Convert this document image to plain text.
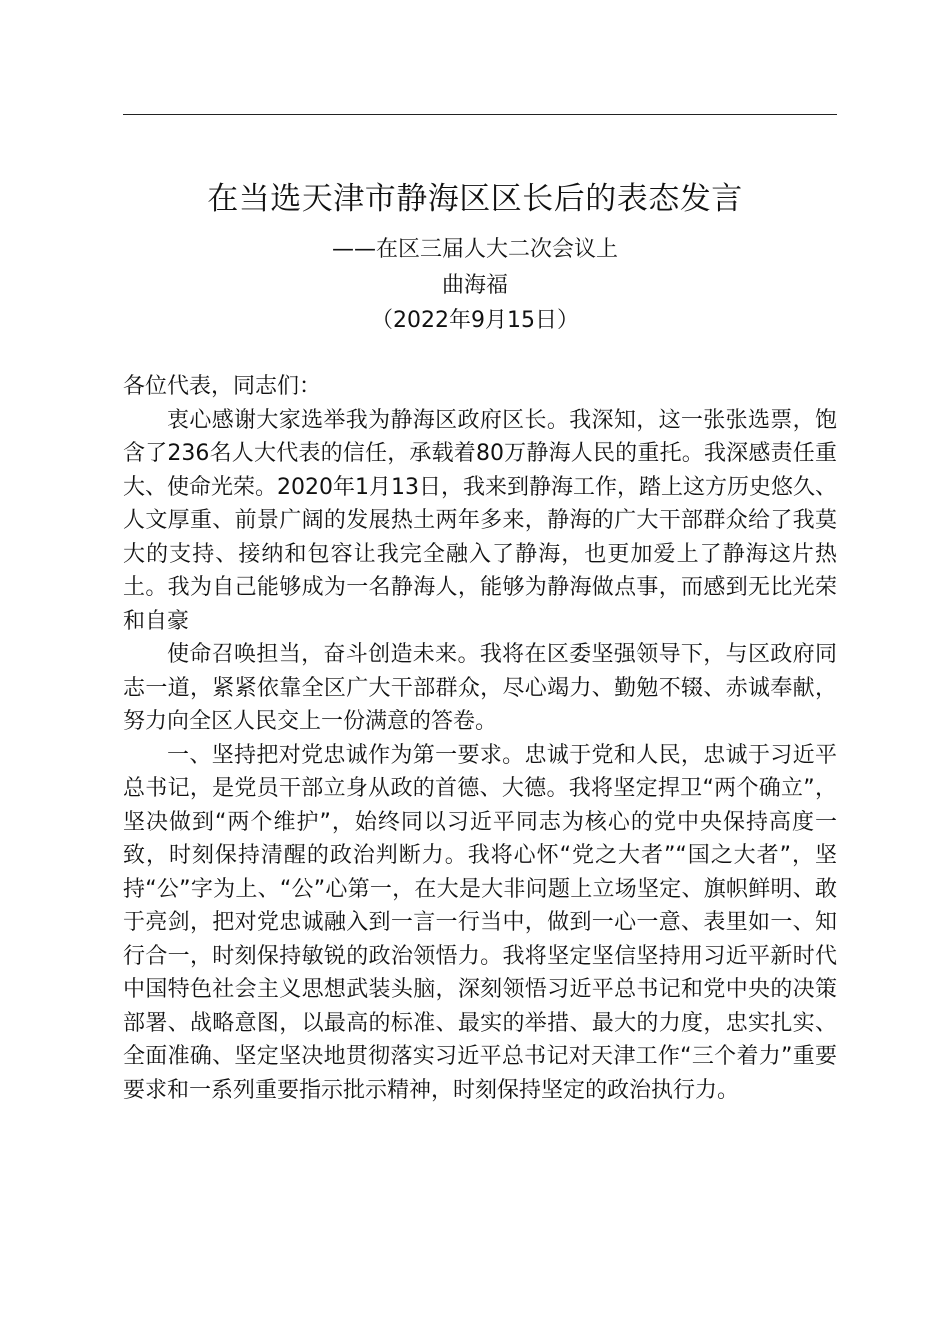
在当选天津市静海区区长后的表态发言
——在区三届人大二次会议上
曲海福
（2022年9月15日）

各位代表，同志们：

衷心感谢大家选举我为静海区政府区长。我深知，这一张张选票，饱含了236名人大代表的信任，承载着80万静海人民的重托。我深感责任重大、使命光荣。2020年1月13日，我来到静海工作，踏上这方历史悠久、人文厚重、前景广阔的发展热土两年多来，静海的广大干部群众给了我莫大的支持、接纳和包容让我完全融入了静海，也更加爱上了静海这片热土。我为自己能够成为一名静海人，能够为静海做点事，而感到无比光荣和自豪

使命召唤担当，奋斗创造未来。我将在区委坚强领导下，与区政府同志一道，紧紧依靠全区广大干部群众，尽心竭力、勤勉不辍、赤诚奉献，努力向全区人民交上一份满意的答卷。

一、坚持把对党忠诚作为第一要求。忠诚于党和人民，忠诚于习近平总书记，是党员干部立身从政的首德、大德。我将坚定捍卫“两个确立”，坚决做到“两个维护”，始终同以习近平同志为核心的党中央保持高度一致，时刻保持清醒的政治判断力。我将心怀“党之大者”“国之大者”，坚持“公”字为上、“公”心第一，在大是大非问题上立场坚定、旗帜鲜明、敢于亮剑，把对党忠诚融入到一言一行当中，做到一心一意、表里如一、知行合一，时刻保持敏锐的政治领悟力。我将坚定坚信坚持用习近平新时代中国特色社会主义思想武装头脑，深刻领悟习近平总书记和党中央的决策部署、战略意图，以最高的标准、最实的举措、最大的力度，忠实扎实、全面准确、坚定坚决地贯彻落实习近平总书记对天津工作“三个着力”重要要求和一系列重要指示批示精神，时刻保持坚定的政治执行力。
